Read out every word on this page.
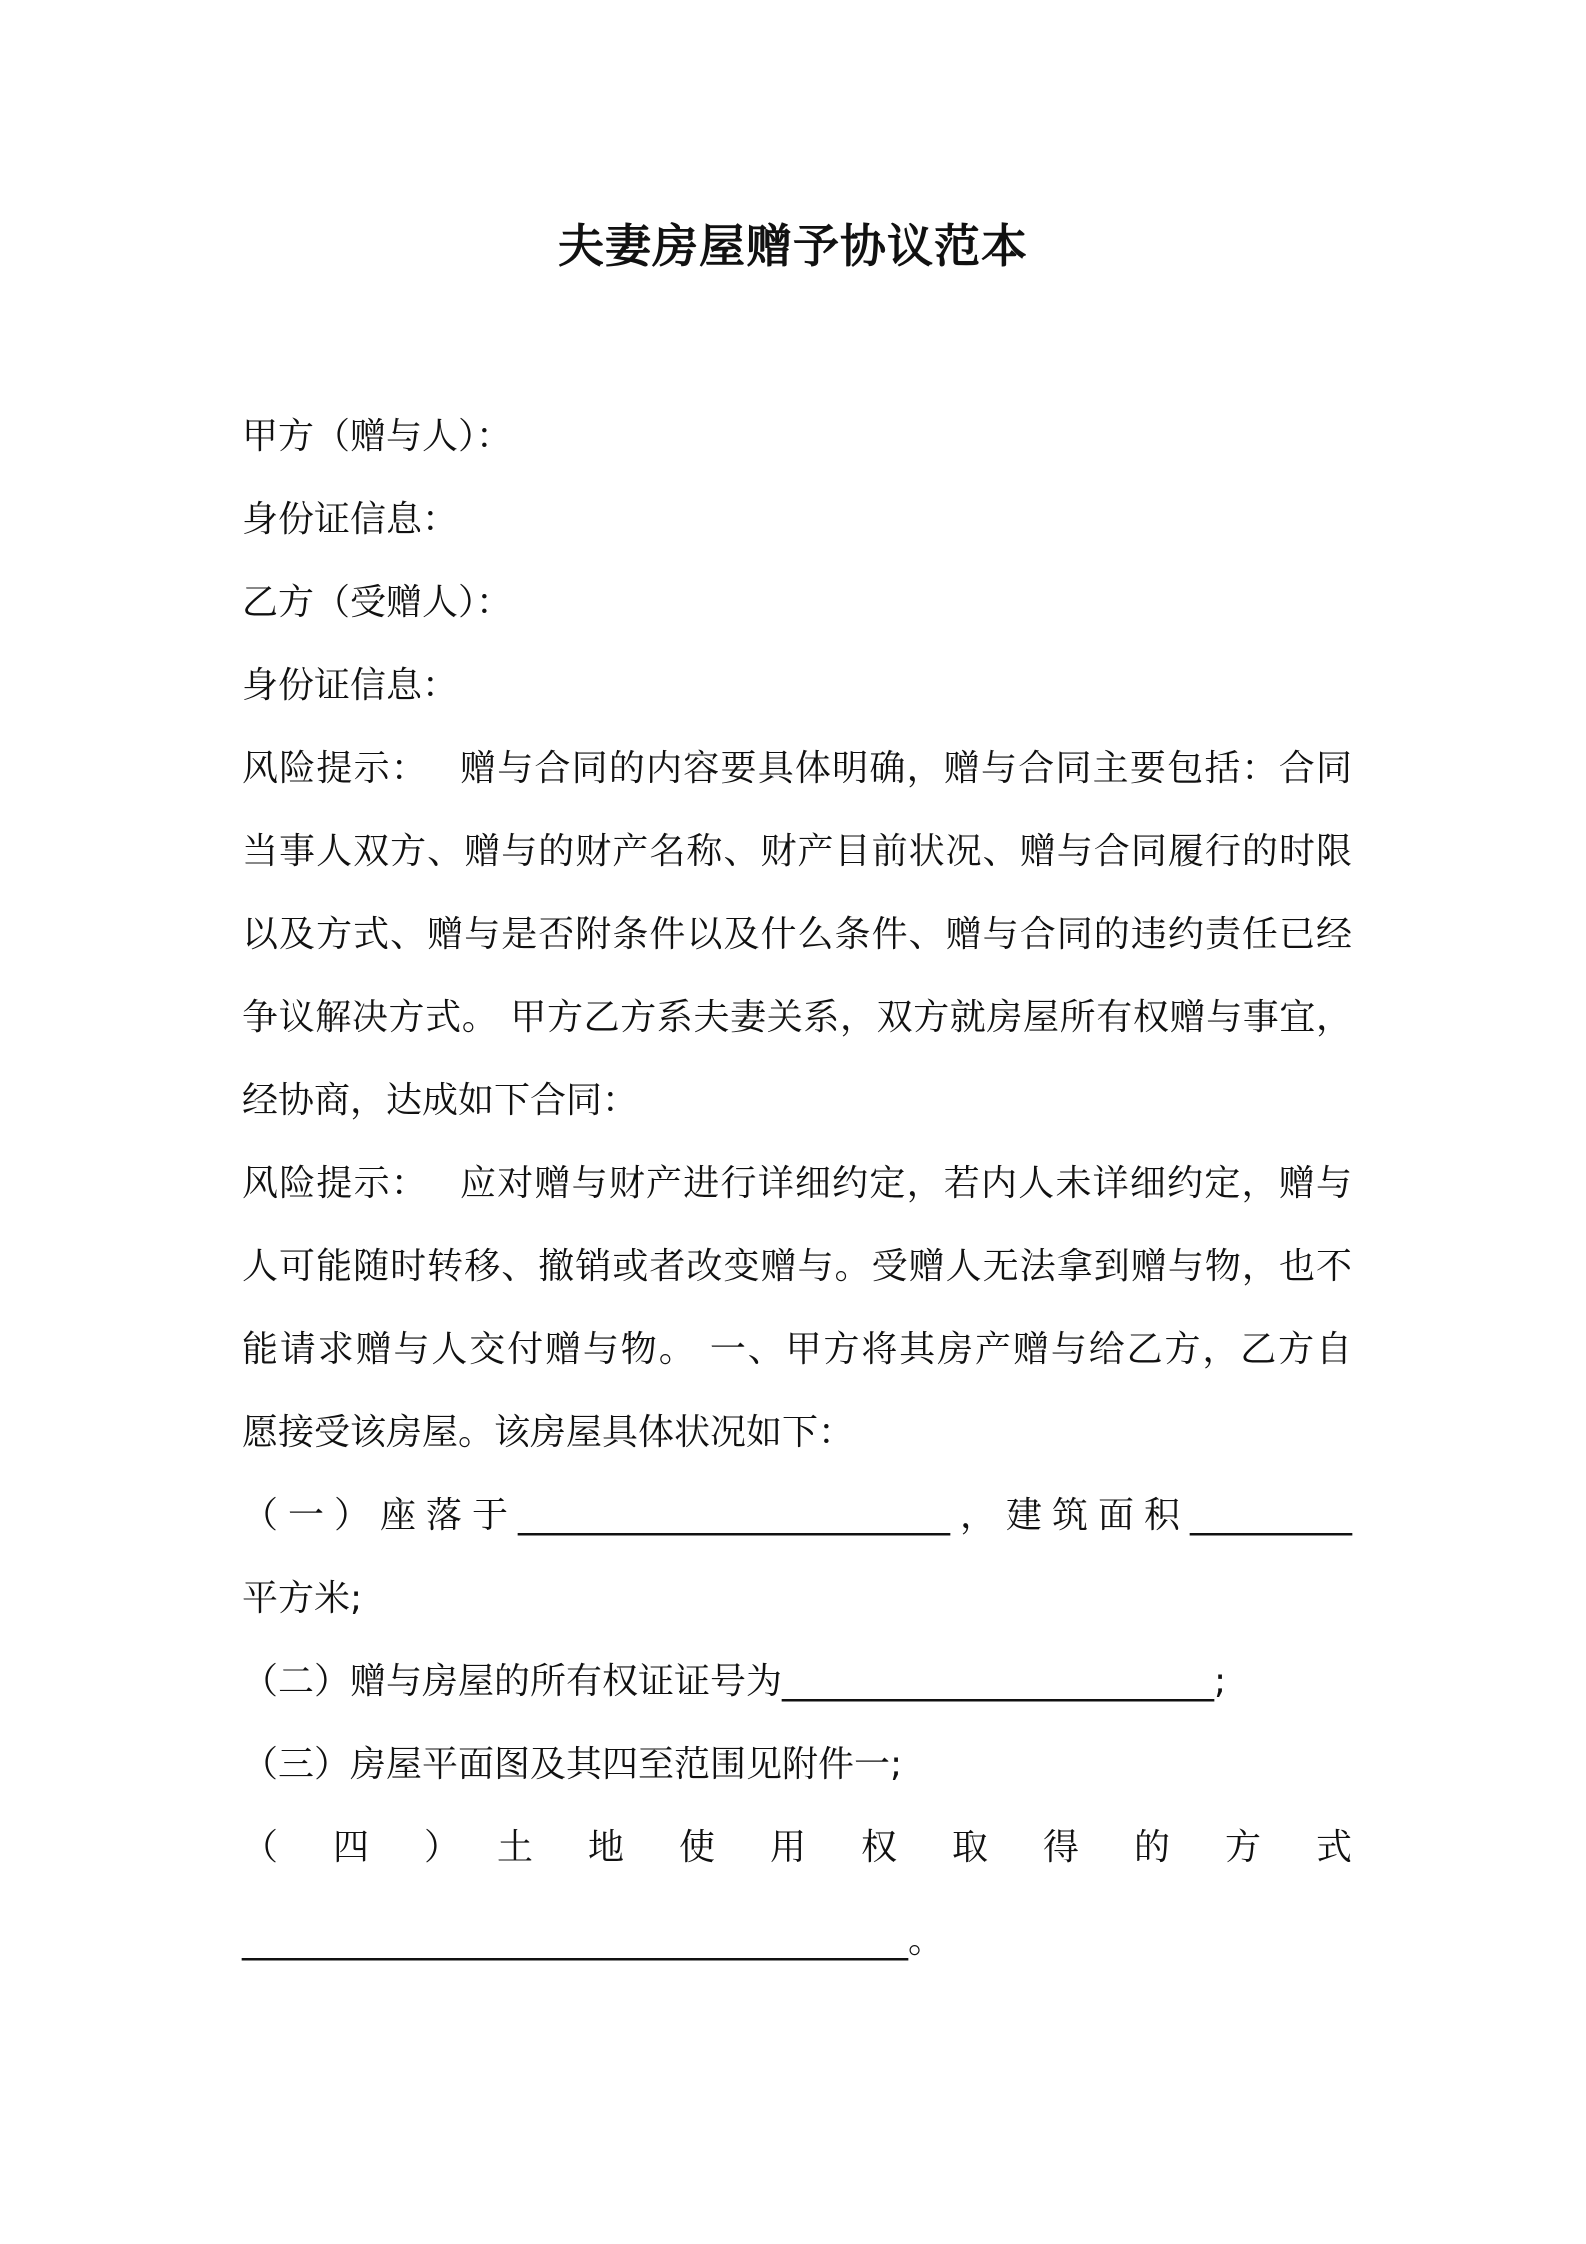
夫妻房屋赠予协议范本
甲方（赠与人）：
身份证信息：
乙方（受赠人）：
身份证信息：
风险提示：　 赠与合同的内容要具体明确，赠与合同主要包括：合同
当事人双方、赠与的财产名称、财产目前状况、赠与合同履行的时限
以及方式、赠与是否附条件以及什么条件、赠与合同的违约责任已经
争议解决方式。 甲方乙方系夫妻关系，双方就房屋所有权赠与事宜，
经协商，达成如下合同：
风险提示：　 应对赠与财产进行详细约定，若内人未详细约定，赠与
人可能随时转移、撤销或者改变赠与。受赠人无法拿到赠与物，也不
能请求赠与人交付赠与物。 一、甲方将其房产赠与给乙方，乙方自
愿接受该房屋。该房屋具体状况如下：
（一）座落于________________________，建筑面积_________
平方米;
（二）赠与房屋的所有权证证号为________________________;
（三）房屋平面图及其四至范围见附件一;
（　四　）　土　地　使　用　权　取　得　的　方　式
_____________________________________。
